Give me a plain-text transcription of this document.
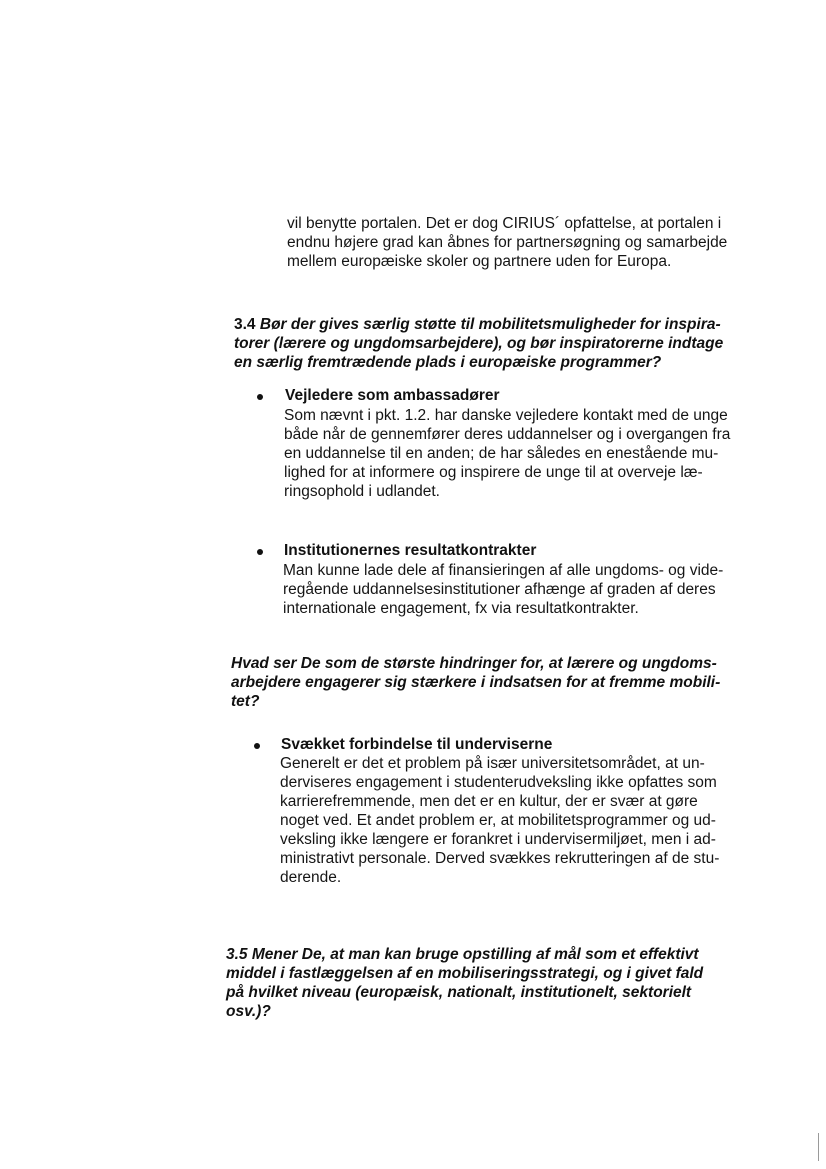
vil benytte portalen. Det er dog CIRIUS´ opfattelse, at portalen i
endnu højere grad kan åbnes for partnersøgning og samarbejde
mellem europæiske skoler og partnere uden for Europa.
3.4 Bør der gives særlig støtte til mobilitetsmuligheder for inspira-
torer (lærere og ungdomsarbejdere), og bør inspiratorerne indtage
en særlig fremtrædende plads i europæiske programmer?
Vejledere som ambassadører
Som nævnt i pkt. 1.2. har danske vejledere kontakt med de unge
både når de gennemfører deres uddannelser og i overgangen fra
en uddannelse til en anden; de har således en enestående mu-
lighed for at informere og inspirere de unge til at overveje læ-
ringsophold i udlandet.
Institutionernes resultatkontrakter
Man kunne lade dele af finansieringen af alle ungdoms- og vide-
regående uddannelsesinstitutioner afhænge af graden af deres
internationale engagement, fx via resultatkontrakter.
Hvad ser De som de største hindringer for, at lærere og ungdoms-
arbejdere engagerer sig stærkere i indsatsen for at fremme mobili-
tet?
Svækket forbindelse til underviserne
Generelt er det et problem på især universitetsområdet, at un-
derviseres engagement i studenterudveksling ikke opfattes som
karrierefremmende, men det er en kultur, der er svær at gøre
noget ved. Et andet problem er, at mobilitetsprogrammer og ud-
veksling ikke længere er forankret i undervisermiljøet, men i ad-
ministrativt personale. Derved svækkes rekrutteringen af de stu-
derende.
3.5 Mener De, at man kan bruge opstilling af mål som et effektivt
middel i fastlæggelsen af en mobiliseringsstrategi, og i givet fald
på hvilket niveau (europæisk, nationalt, institutionelt, sektorielt
osv.)?
